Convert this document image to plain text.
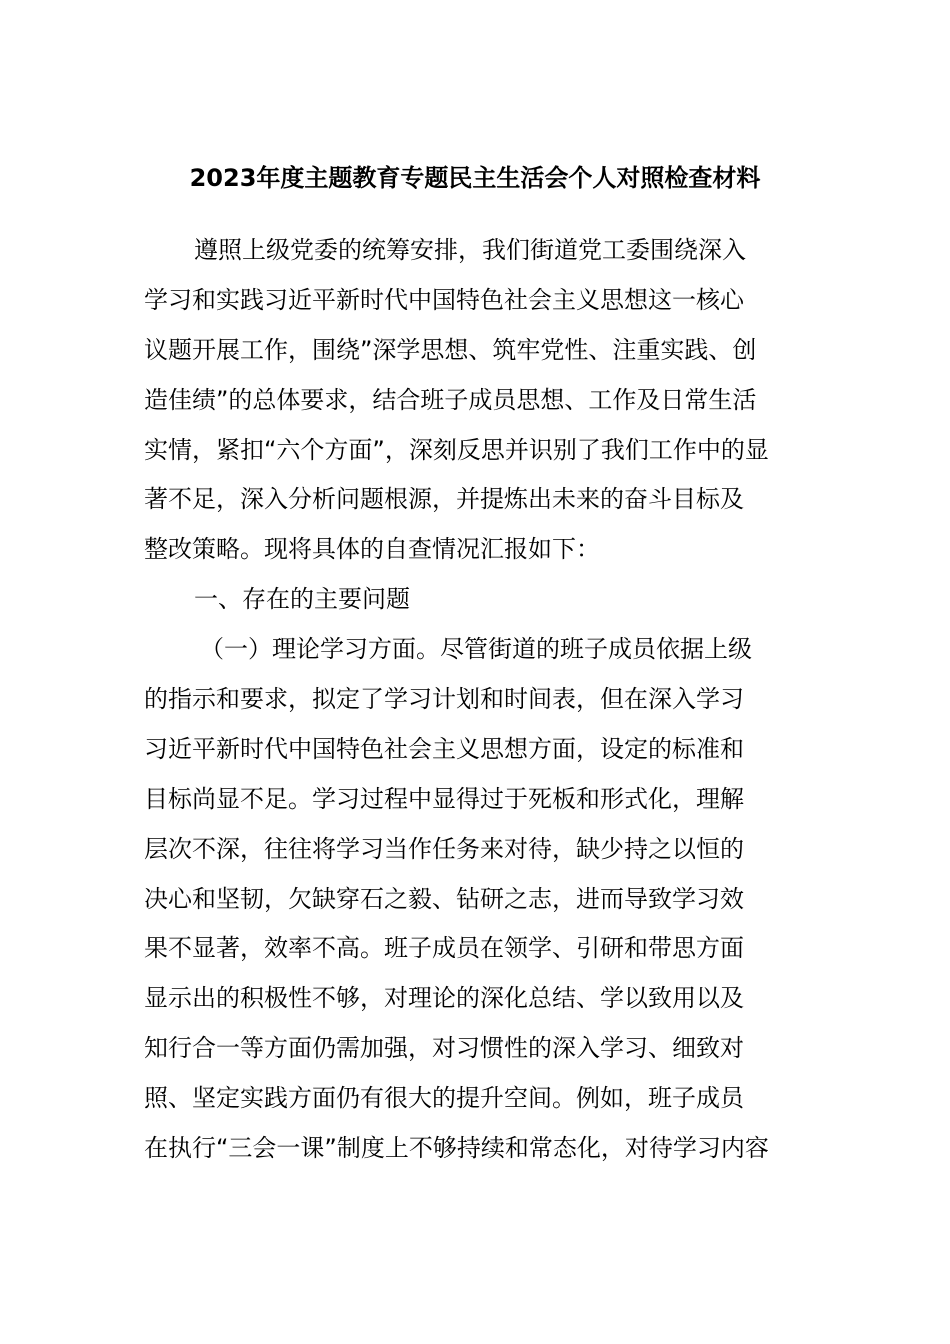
2023年度主题教育专题民主生活会个人对照检查材料
遵照上级党委的统筹安排，我们街道党工委围绕深入
学习和实践习近平新时代中国特色社会主义思想这一核心
议题开展工作，围绕”深学思想、筑牢党性、注重实践、创
造佳绩”的总体要求，结合班子成员思想、工作及日常生活
实情，紧扣“六个方面”，深刻反思并识别了我们工作中的显
著不足，深入分析问题根源，并提炼出未来的奋斗目标及
整改策略。现将具体的自查情况汇报如下：
一、存在的主要问题
（一）理论学习方面。尽管街道的班子成员依据上级
的指示和要求，拟定了学习计划和时间表，但在深入学习
习近平新时代中国特色社会主义思想方面，设定的标准和
目标尚显不足。学习过程中显得过于死板和形式化，理解
层次不深，往往将学习当作任务来对待，缺少持之以恒的
决心和坚韧，欠缺穿石之毅、钻研之志，进而导致学习效
果不显著，效率不高。班子成员在领学、引研和带思方面
显示出的积极性不够，对理论的深化总结、学以致用以及
知行合一等方面仍需加强，对习惯性的深入学习、细致对
照、坚定实践方面仍有很大的提升空间。例如，班子成员
在执行“三会一课”制度上不够持续和常态化，对待学习内容
